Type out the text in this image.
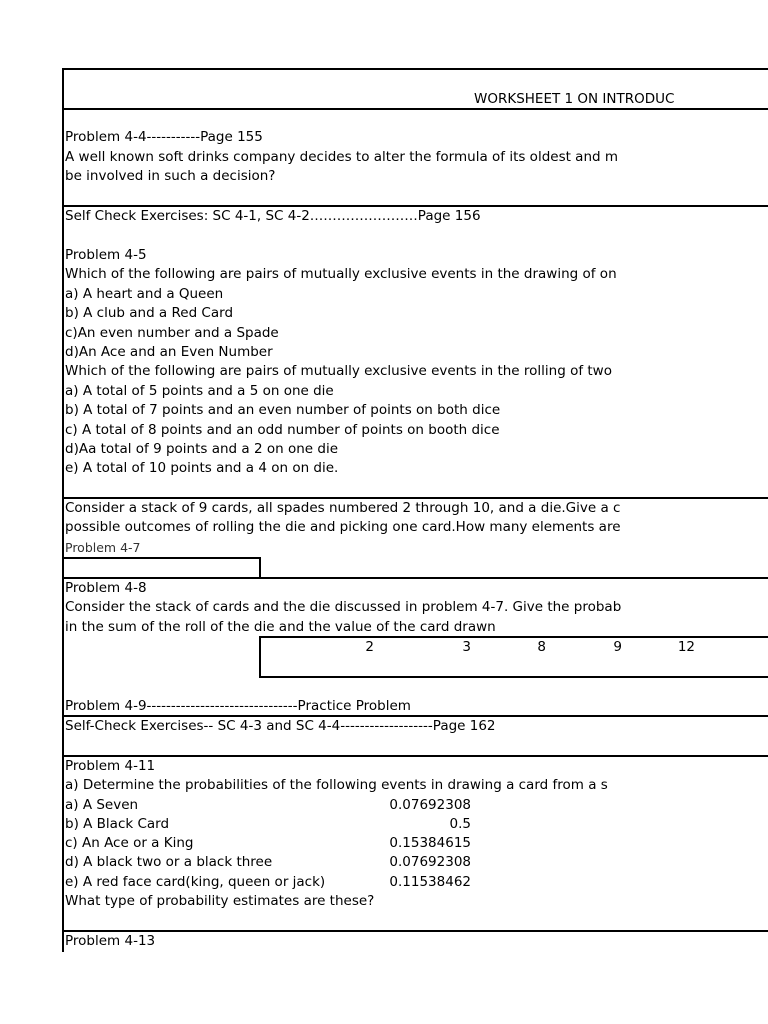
WORKSHEET 1 ON INTRODUC
Problem 4-4-----------Page 155
A well known soft drinks company decides to alter the formula of its oldest and m
be involved in such a decision?
Self Check Exercises: SC 4-1, SC 4-2……………………Page 156
Problem 4-5
Which of the following are pairs of mutually exclusive events in the drawing of on
a) A heart and a Queen
b) A club and a Red Card
c)An even number and a Spade
d)An Ace and an Even Number
Which of the following are pairs of mutually exclusive events in the rolling of two
a) A total of 5 points and a 5 on one die
b) A total of 7 points and an even number of points on both dice
c) A total of 8 points and an odd number of points on booth dice
d)Aa total of 9 points and a 2 on one die
e) A total of 10 points and a 4 on on die.
Consider a stack of 9 cards, all spades numbered 2 through 10, and a die.Give a c
possible outcomes of rolling the die and picking one card.How many elements are
Problem 4-7
Problem 4-8
Consider the stack of cards and the die discussed in problem 4-7. Give the probab
in the sum of the roll of the die and the value of the card drawn
2	3	8	9	12
Problem 4-9-------------------------------Practice Problem
Self-Check Exercises-- SC 4-3 and SC 4-4-------------------Page 162
Problem 4-11
a) Determine the probabilities of the following events in drawing a card from a s
a) A Seven	0.07692308
b) A Black Card	0.5
c) An Ace or a King	0.15384615
d) A black two or a black three	0.07692308
e) A red face card(king, queen or jack)	0.11538462
What type of probability estimates are these?
Problem 4-13
